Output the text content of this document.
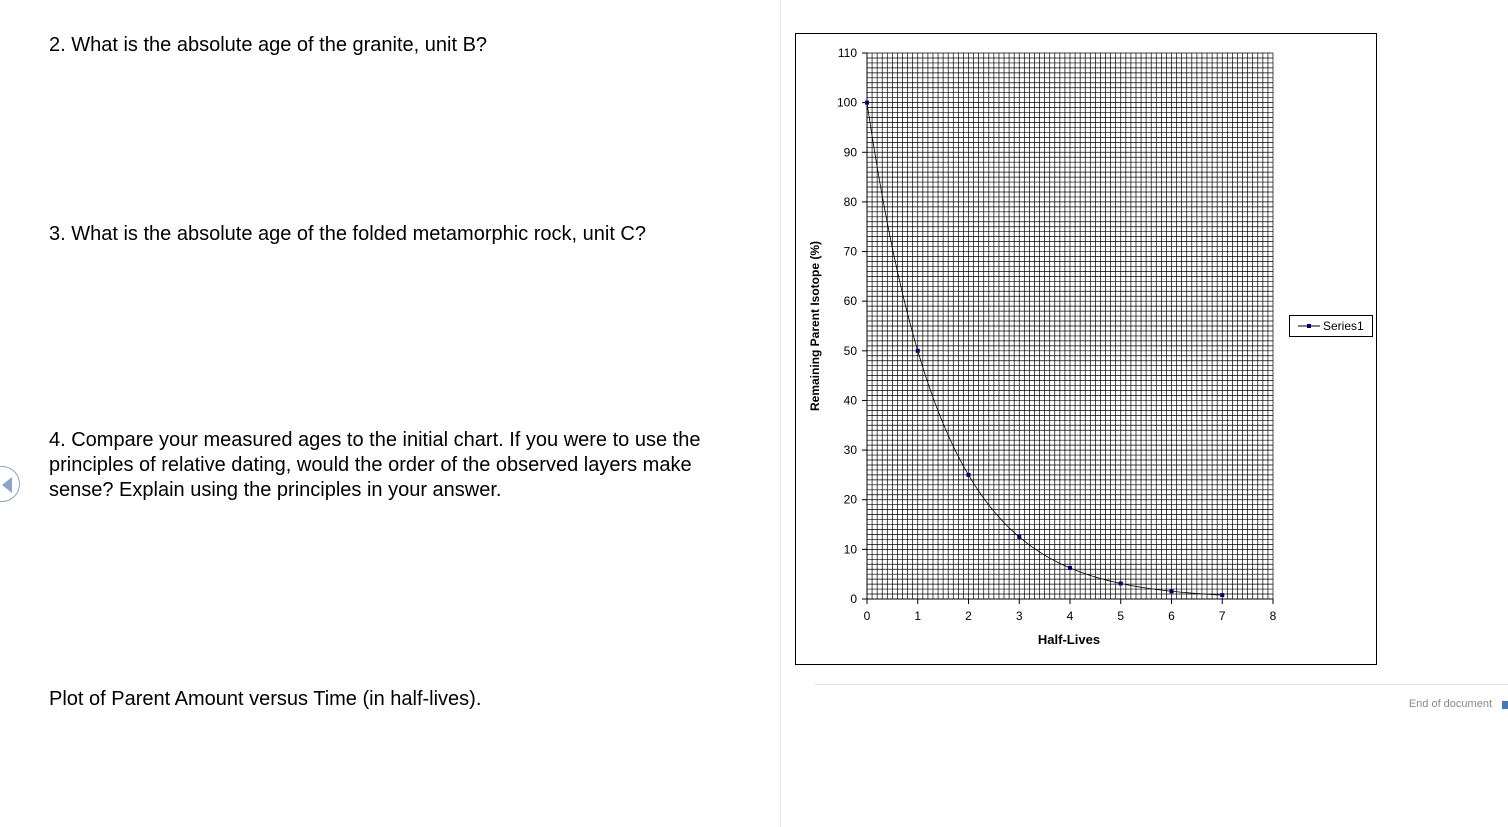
2. What is the absolute age of the granite, unit B?

3. What is the absolute age of the folded metamorphic rock, unit C?

4. Compare your measured ages to the initial chart. If you were to use the principles of relative dating, would the order of the observed layers make sense? Explain using the principles in your answer.

Plot of Parent Amount versus Time (in half-lives).	End of document
0
10
20
30
40
50
60
70
80
90
100
110
0	1	2	3	4	5	6	7	8
Half-Lives
Remaining Parent Isotope (%)	Series1
